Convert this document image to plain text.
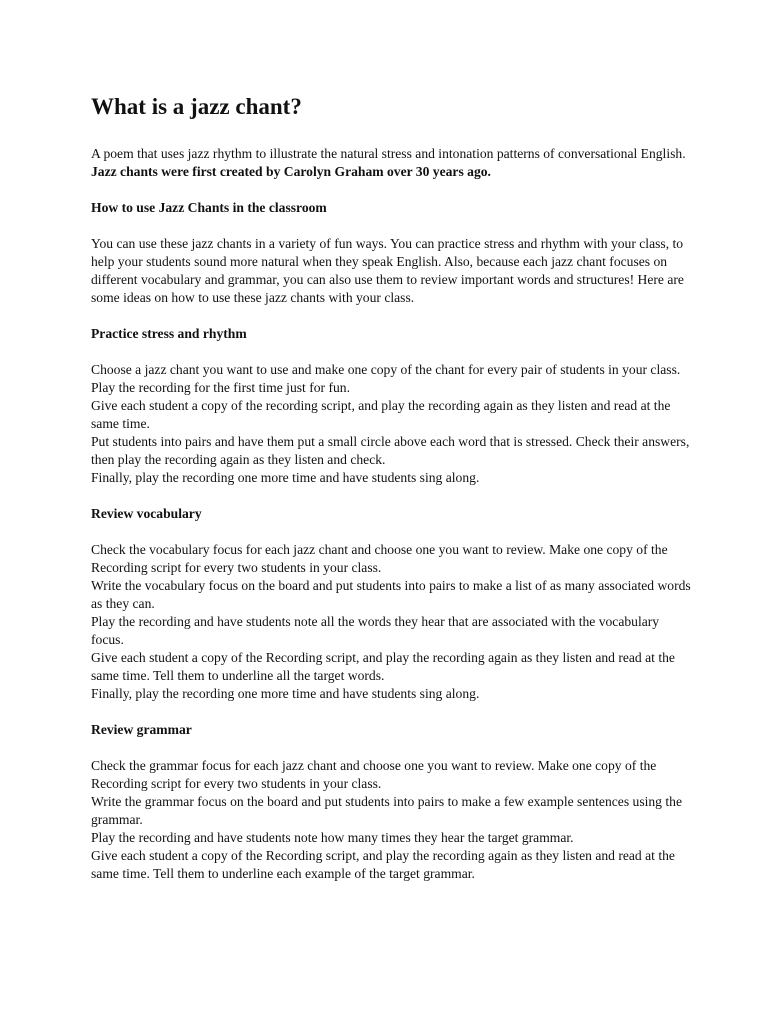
What is a jazz chant?

A poem that uses jazz rhythm to illustrate the natural stress and intonation patterns of conversational English. Jazz chants were first created by Carolyn Graham over 30 years ago.

How to use Jazz Chants in the classroom

You can use these jazz chants in a variety of fun ways. You can practice stress and rhythm with your class, to help your students sound more natural when they speak English. Also, because each jazz chant focuses on different vocabulary and grammar, you can also use them to review important words and structures! Here are some ideas on how to use these jazz chants with your class.

Practice stress and rhythm

Choose a jazz chant you want to use and make one copy of the chant for every pair of students in your class.

Play the recording for the first time just for fun.

Give each student a copy of the recording script, and play the recording again as they listen and read at the same time.

Put students into pairs and have them put a small circle above each word that is stressed. Check their answers, then play the recording again as they listen and check.

Finally, play the recording one more time and have students sing along.

Review vocabulary

Check the vocabulary focus for each jazz chant and choose one you want to review. Make one copy of the Recording script for every two students in your class.

Write the vocabulary focus on the board and put students into pairs to make a list of as many associated words as they can.

Play the recording and have students note all the words they hear that are associated with the vocabulary focus.

Give each student a copy of the Recording script, and play the recording again as they listen and read at the same time. Tell them to underline all the target words.

Finally, play the recording one more time and have students sing along.

Review grammar

Check the grammar focus for each jazz chant and choose one you want to review. Make one copy of the Recording script for every two students in your class.

Write the grammar focus on the board and put students into pairs to make a few example sentences using the grammar.

Play the recording and have students note how many times they hear the target grammar.

Give each student a copy of the Recording script, and play the recording again as they listen and read at the same time. Tell them to underline each example of the target grammar.
